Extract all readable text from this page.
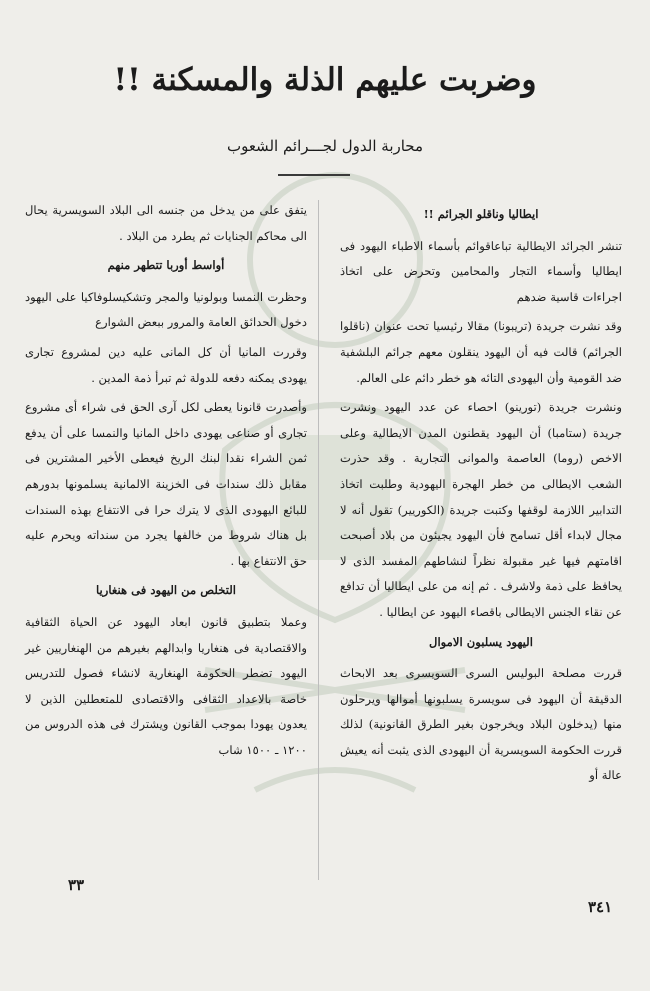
وضربت عليهم الذلة والمسكنة !!
محاربة الدول لجـــرائم الشعوب

ايطاليا وناقلو الجرائم !!

تنشر الجرائد الايطالية تباعاقوائم بأسماء الاطباء اليهود فى ايطاليا وأسماء التجار والمحامين وتحرض على اتخاذ اجراءات قاسية ضدهم

وقد نشرت جريدة (تريبونا) مقالا رئيسيا تحت عنوان (ناقلوا الجرائم) قالت فيه أن اليهود ينقلون معهم جرائم البلشفية ضد القومية وأن اليهودى التائه هو خطر دائم على العالم.

ونشرت جريدة (تورينو) احصاء عن عدد اليهود ونشرت جريدة (ستامبا) أن اليهود يقطنون المدن الايطالية وعلى الاخص (روما) العاصمة والموانى التجارية . وقد حذرت الشعب الايطالى من خطر الهجرة اليهودية وطلبت اتخاذ التدابير اللازمة لوقفها وكتبت جريدة (الكوريير) تقول أنه لا مجال لابداء أقل تسامح فأن اليهود يجيئون من بلاد أصبحت اقامتهم فيها غير مقبولة نظراً لنشاطهم المفسد الذى لا يحافظ على ذمة ولاشرف . ثم إنه من على ايطاليا أن تدافع عن نقاء الجنس الايطالى باقصاء اليهود عن ايطاليا .

اليهود يسلبون الاموال

قررت مصلحة البوليس السرى السويسرى بعد الابحاث الدقيقة أن اليهود فى سويسرة يسلبونها أموالها ويرحلون منها (يدخلون البلاد ويخرجون بغير الطرق القانونية) لذلك قررت الحكومة السويسرية أن اليهودى الذى يثبت أنه يعيش عالة أو

يتفق على من يدخل من جنسه الى البلاد السويسرية يحال الى محاكم الجنايات ثم يطرد من البلاد .

أواسط أوربا تتطهر منهم

وحظرت النمسا وبولونيا والمجر وتشكيسلوفاكيا على اليهود دخول الحدائق العامة والمرور ببعض الشوارع

وقررت المانيا أن كل المانى عليه دين لمشروع تجارى يهودى يمكنه دفعه للدولة ثم تبرأ ذمة المدين .

وأصدرت قانونا يعطى لكل آرى الحق فى شراء أى مشروع تجارى أو صناعى يهودى داخل المانيا والنمسا على أن يدفع ثمن الشراء نقدا لبنك الريخ فيعطى الأخير المشترين فى مقابل ذلك سندات فى الخزينة الالمانية يسلمونها بدورهم للبائع اليهودى الذى لا يترك حرا فى الانتفاع بهذه السندات بل هناك شروط من خالفها يجرد من سنداته ويحرم عليه حق الانتفاع بها .

التخلص من اليهود فى هنغاريا

وعملا بتطبيق قانون ابعاد اليهود عن الحياة الثقافية والاقتصادية فى هنغاريا وابدالهم بغيرهم من الهنغاريين غير اليهود تضطر الحكومة الهنغارية لانشاء فصول للتدريس خاصة بالاعداد الثقافى والاقتصادى للمتعطلين الذين لا يعدون يهودا بموجب القانون ويشترك فى هذه الدروس من ١٢٠٠ ـ ١٥٠٠ شاب

٣٣
٣٤١
